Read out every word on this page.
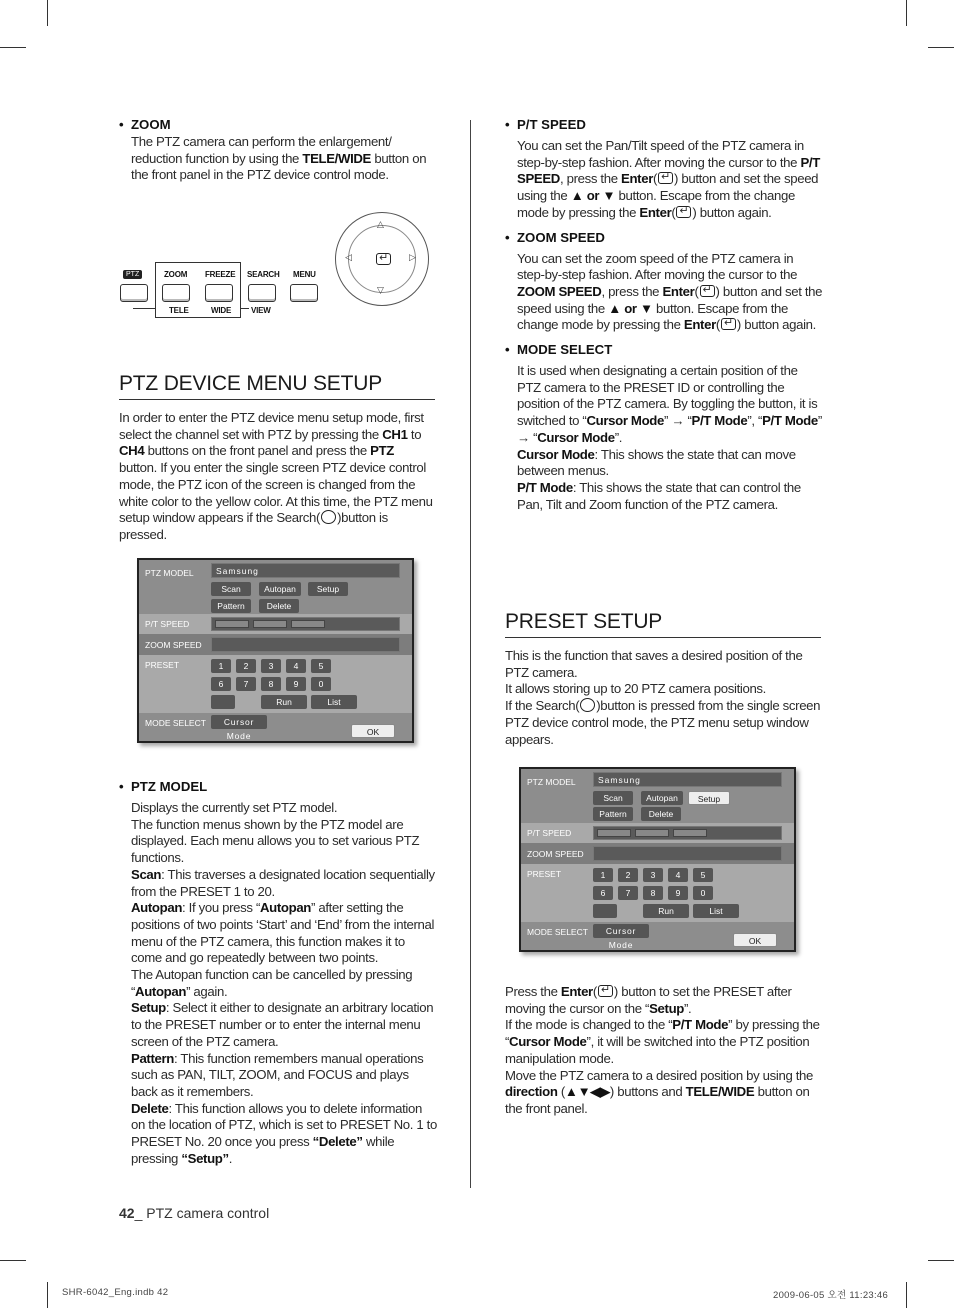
• ZOOM
The PTZ camera can perform the enlargement/ reduction function by using the TELE/WIDE button on the front panel in the PTZ device control mode.
PTZ	ZOOM FREEZE SEARCH MENU
TELE	WIDE VIEW
△
▽
◁	▷
↵
PTZ DEVICE MENU SETUP
In order to enter the PTZ device menu setup mode, first select the channel set with PTZ by pressing the CH1 to CH4 buttons on the front panel and press the PTZ button. If you enter the single screen PTZ device control mode, the PTZ icon of the screen is changed from the white color to the yellow color. At this time, the PTZ menu setup window appears if the Search( )button is pressed.
PTZ MODEL	Samsung
Scan	Autopan	Setup
Pattern	Delete
P/T SPEED
ZOOM SPEED
PRESET	1	2	3	4	5
6	7	8	9	0
Run	List
MODE SELECT	Cursor Mode	OK
• PTZ MODEL
Displays the currently set PTZ model.
The function menus shown by the PTZ model are displayed. Each menu allows you to set various PTZ functions.
Scan: This traverses a designated location sequentially from the PRESET 1 to 20.
Autopan: If you press “Autopan” after setting the positions of two points ‘Start’ and ‘End’ from the internal menu of the PTZ camera, this function makes it to come and go repeatedly between two points.
The Autopan function can be cancelled by pressing “Autopan” again.
Setup: Select it either to designate an arbitrary location to the PRESET number or to enter the internal menu screen of the PTZ camera.
Pattern: This function remembers manual operations such as PAN, TILT, ZOOM, and FOCUS and plays back as it remembers.
Delete: This function allows you to delete information on the location of PTZ, which is set to PRESET No. 1 to PRESET No. 20 once you press “Delete” while pressing “Setup”.
• P/T SPEED
You can set the Pan/Tilt speed of the PTZ camera in step-by-step fashion. After moving the cursor to the P/T SPEED, press the Enter( ↵ ) button and set the speed using the ▲ or ▼ button. Escape from the change mode by pressing the Enter( ↵ ) button again.
• ZOOM SPEED
You can set the zoom speed of the PTZ camera in step-by-step fashion. After moving the cursor to the ZOOM SPEED, press the Enter( ↵ ) button and set the speed using the ▲ or ▼ button. Escape from the change mode by pressing the Enter( ↵ ) button again.
• MODE SELECT
It is used when designating a certain position of the PTZ camera to the PRESET ID or controlling the position of the PTZ camera. By toggling the button, it is switched to “Cursor Mode” → “P/T Mode”, “P/T Mode” → “Cursor Mode”.
Cursor Mode: This shows the state that can move between menus.
P/T Mode: This shows the state that can control the Pan, Tilt and Zoom function of the PTZ camera.
PRESET SETUP
This is the function that saves a desired position of the PTZ camera.
It allows storing up to 20 PTZ camera positions.
If the Search( )button is pressed from the single screen PTZ device control mode, the PTZ menu setup window appears.
PTZ MODEL	Samsung
Scan	Autopan	Setup
Pattern	Delete
P/T SPEED
ZOOM SPEED
PRESET	1	2	3	4	5
6	7	8	9	0
Run	List
MODE SELECT	Cursor Mode	OK
Press the Enter( ↵ ) button to set the PRESET after moving the cursor on the “Setup”.
If the mode is changed to the “P/T Mode” by pressing the “Cursor Mode”, it will be switched into the PTZ position manipulation mode.
Move the PTZ camera to a desired position by using the direction (▲▼◀▶) buttons and TELE/WIDE button on the front panel.
42_ PTZ camera control
SHR-6042_Eng.indb 42	2009-06-05 오전 11:23:46
